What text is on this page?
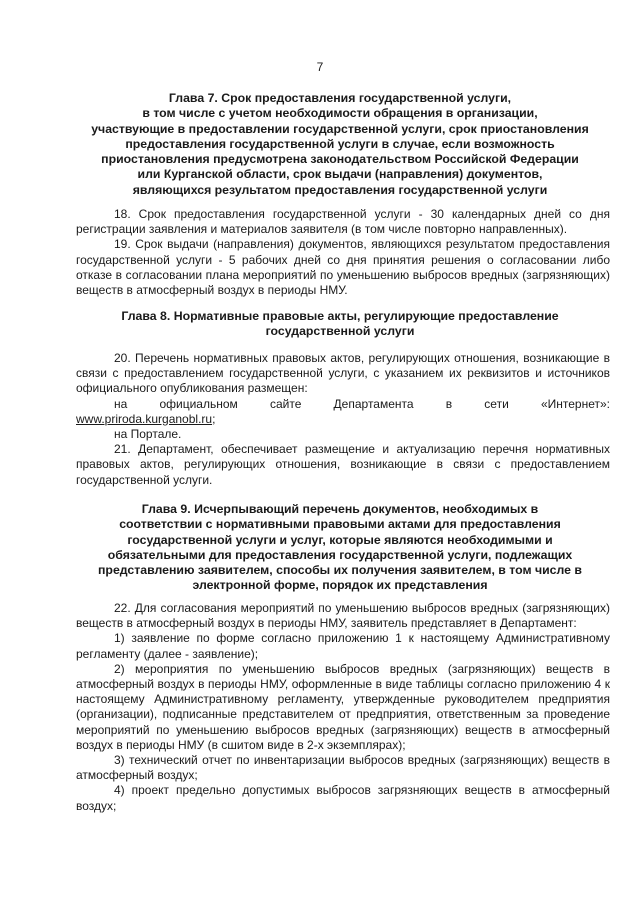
7
Глава 7. Срок предоставления государственной услуги,
в том числе с учетом необходимости обращения в организации,
участвующие в предоставлении государственной услуги, срок приостановления
предоставления государственной услуги в случае, если возможность
приостановления предусмотрена законодательством Российской Федерации
или Курганской области, срок выдачи (направления) документов,
являющихся результатом предоставления государственной услуги

18. Срок предоставления государственной услуги - 30 календарных дней со дня регистрации заявления и материалов заявителя (в том числе повторно направленных).

19. Срок выдачи (направления) документов, являющихся результатом предоставления государственной услуги - 5 рабочих дней со дня принятия решения о согласовании либо отказе в согласовании плана мероприятий по уменьшению выбросов вредных (загрязняющих) веществ в атмосферный воздух в периоды НМУ.

Глава 8. Нормативные правовые акты, регулирующие предоставление
государственной услуги

20. Перечень нормативных правовых актов, регулирующих отношения, возникающие в связи с предоставлением государственной услуги, с указанием их реквизитов и источников официального опубликования размещен:

на официальном сайте Департамента в сети «Интернет»:

www.priroda.kurganobl.ru;

на Портале.

21. Департамент, обеспечивает размещение и актуализацию перечня нормативных правовых актов, регулирующих отношения, возникающие в связи с предоставлением государственной услуги.

Глава 9. Исчерпывающий перечень документов, необходимых в
соответствии с нормативными правовыми актами для предоставления
государственной услуги и услуг, которые являются необходимыми и
обязательными для предоставления государственной услуги, подлежащих
представлению заявителем, способы их получения заявителем, в том числе в
электронной форме, порядок их представления

22. Для согласования мероприятий по уменьшению выбросов вредных (загрязняющих) веществ в атмосферный воздух в периоды НМУ, заявитель представляет в Департамент:

1) заявление по форме согласно приложению 1 к настоящему Административному регламенту (далее - заявление);

2) мероприятия по уменьшению выбросов вредных (загрязняющих) веществ в атмосферный воздух в периоды НМУ, оформленные в виде таблицы согласно приложению 4 к настоящему Административному регламенту, утвержденные руководителем предприятия (организации), подписанные представителем от предприятия, ответственным за проведение мероприятий по уменьшению выбросов вредных (загрязняющих) веществ в атмосферный воздух в периоды НМУ (в сшитом виде в 2-х экземплярах);

3) технический отчет по инвентаризации выбросов вредных (загрязняющих) веществ в атмосферный воздух;

4) проект предельно допустимых выбросов загрязняющих веществ в атмосферный воздух;
